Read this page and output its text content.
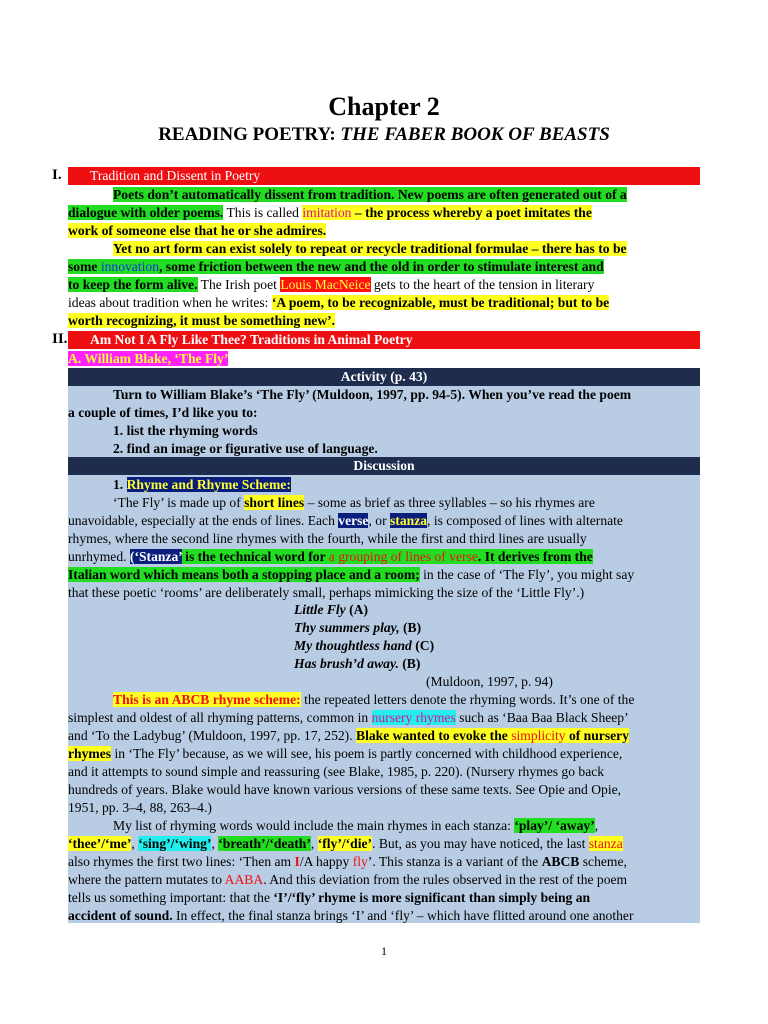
Chapter 2
READING POETRY: THE FABER BOOK OF BEASTS
I.	Tradition and Dissent in Poetry
Poets don’t automatically dissent from tradition. New poems are often generated out of a
dialogue with older poems. This is called imitation – the process whereby a poet imitates the
work of someone else that he or she admires.
Yet no art form can exist solely to repeat or recycle traditional formulae – there has to be
some innovation, some friction between the new and the old in order to stimulate interest and
to keep the form alive. The Irish poet Louis MacNeice gets to the heart of the tension in literary
ideas about tradition when he writes: ‘A poem, to be recognizable, must be traditional; but to be
worth recognizing, it must be something new’.
II.	Am Not I A Fly Like Thee? Traditions in Animal Poetry
A. William Blake, ‘The Fly’
Activity (p. 43)
Turn to William Blake’s ‘The Fly’ (Muldoon, 1997, pp. 94-5). When you’ve read the poem
a couple of times, I’d like you to:
1. list the rhyming words
2. find an image or figurative use of language.
Discussion
1. Rhyme and Rhyme Scheme:
‘The Fly’ is made up of short lines – some as brief as three syllables – so his rhymes are
unavoidable, especially at the ends of lines. Each verse, or stanza, is composed of lines with alternate
rhymes, where the second line rhymes with the fourth, while the first and third lines are usually
unrhymed. (‘Stanza’ is the technical word for a grouping of lines of verse. It derives from the
Italian word which means both a stopping place and a room; in the case of ‘The Fly’, you might say
that these poetic ‘rooms’ are deliberately small, perhaps mimicking the size of the ‘Little Fly’.)
Little Fly (A)
Thy summers play, (B)
My thoughtless hand (C)
Has brush’d away. (B)
(Muldoon, 1997, p. 94)
This is an ABCB rhyme scheme: the repeated letters denote the rhyming words. It’s one of the
simplest and oldest of all rhyming patterns, common in nursery rhymes such as ‘Baa Baa Black Sheep’
and ‘To the Ladybug’ (Muldoon, 1997, pp. 17, 252). Blake wanted to evoke the simplicity of nursery
rhymes in ‘The Fly’ because, as we will see, his poem is partly concerned with childhood experience,
and it attempts to sound simple and reassuring (see Blake, 1985, p. 220). (Nursery rhymes go back
hundreds of years. Blake would have known various versions of these same texts. See Opie and Opie,
1951, pp. 3–4, 88, 263–4.)
My list of rhyming words would include the main rhymes in each stanza: ‘play’/ ‘away’,
‘thee’/‘me’, ‘sing’/‘wing’, ‘breath’/‘death’, ‘fly’/‘die’. But, as you may have noticed, the last stanza
also rhymes the first two lines: ‘Then am I/A happy fly’. This stanza is a variant of the ABCB scheme,
where the pattern mutates to AABA. And this deviation from the rules observed in the rest of the poem
tells us something important: that the ‘I’/‘fly’ rhyme is more significant than simply being an
accident of sound. In effect, the final stanza brings ‘I’ and ‘fly’ – which have flitted around one another
1
